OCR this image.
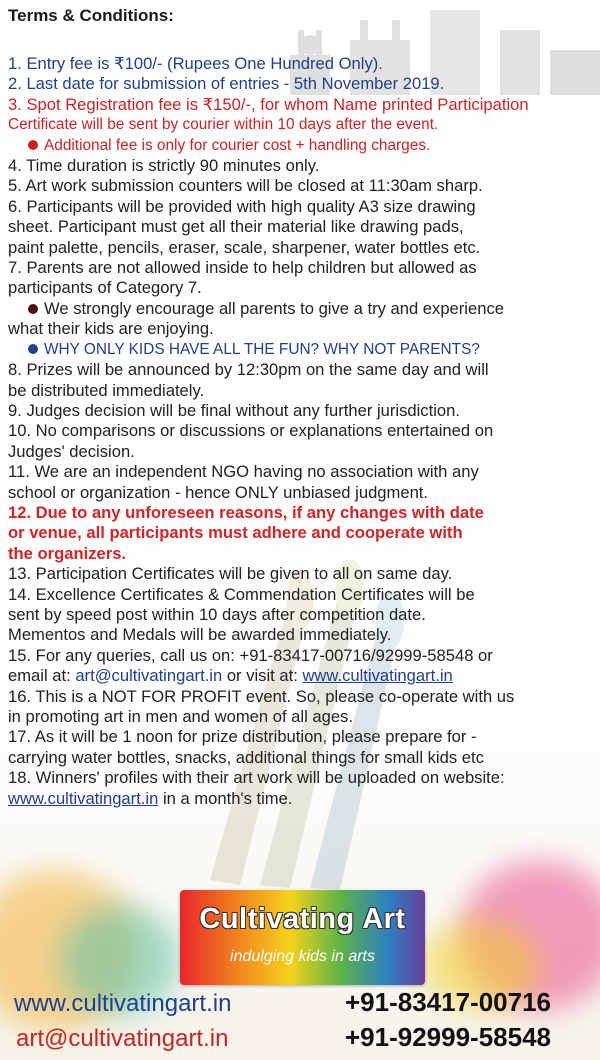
Terms & Conditions:
1. Entry fee is ₹100/- (Rupees One Hundred Only).
2. Last date for submission of entries - 5th November 2019.
3. Spot Registration fee is ₹150/-, for whom Name printed Participation
Certificate will be sent by courier within 10 days after the event.
Additional fee is only for courier cost + handling charges.
4. Time duration is strictly 90 minutes only.
5. Art work submission counters will be closed at 11:30am sharp.
6. Participants will be provided with high quality A3 size drawing
sheet. Participant must get all their material like drawing pads,
paint palette, pencils, eraser, scale, sharpener, water bottles etc.
7. Parents are not allowed inside to help children but allowed as
participants of Category 7.
We strongly encourage all parents to give a try and experience
what their kids are enjoying.
WHY ONLY KIDS HAVE ALL THE FUN? WHY NOT PARENTS?
8. Prizes will be announced by 12:30pm on the same day and will
be distributed immediately.
9. Judges decision will be final without any further jurisdiction.
10. No comparisons or discussions or explanations entertained on
Judges' decision.
11. We are an independent NGO having no association with any
school or organization - hence ONLY unbiased judgment.
12. Due to any unforeseen reasons, if any changes with date
or venue, all participants must adhere and cooperate with
the organizers.
13. Participation Certificates will be given to all on same day.
14. Excellence Certificates & Commendation Certificates will be
sent by speed post within 10 days after competition date.
Mementos and Medals will be awarded immediately.
15. For any queries, call us on: +91-83417-00716/92999-58548 or
email at: art@cultivatingart.in or visit at: www.cultivatingart.in
16. This is a NOT FOR PROFIT event. So, please co-operate with us
in promoting art in men and women of all ages.
17. As it will be 1 noon for prize distribution, please prepare for -
carrying water bottles, snacks, additional things for small kids etc
18. Winners' profiles with their art work will be uploaded on website:
www.cultivatingart.in in a month's time.
Cultivating Art
indulging kids in arts
www.cultivatingart.in
art@cultivatingart.in
+91-83417-00716
+91-92999-58548
